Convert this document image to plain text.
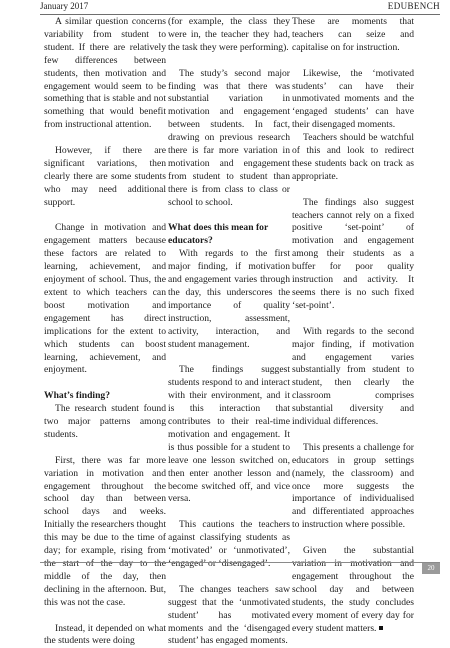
January 2017	EDUBENCH

A similar question concerns variability from student to student. If there are relatively few differences between students, then motivation and engagement would seem to be something that is stable and not something that would benefit from instructional attention.

However, if there are significant variations, then clearly there are some students who may need additional support.

Change in motivation and engagement matters because these factors are related to learning, achievement, and enjoyment of school. Thus, the extent to which teachers can boost motivation and engagement has direct implications for the extent to which students can boost learning, achievement, and enjoyment.

What’s finding?

The research student found two major patterns among students.

First, there was far more variation in motivation and engagement throughout the school day than between school days and weeks. Initially the researchers thought this may be due to the time of day; for example, rising from the start of the day to the middle of the day, then declining in the afternoon. But, this was not the case.

Instead, it depended on what the students were doing

(for example, the class they were in, the teacher they had, the task they were performing).

The study’s second major finding was that there was substantial variation in motivation and engagement between students. In fact, drawing on previous research there is far more variation in motivation and engagement from student to student than there is from class to class or school to school.

What does this mean for educators?

With regards to the first major finding, if motivation and engagement varies through the day, this underscores the importance of quality instruction, assessment, activity, interaction, and student management.

The findings suggest students respond to and interact with their environment, and it is this interaction that contributes to their real-time motivation and engagement. It is thus possible for a student to leave one lesson switched on, then enter another lesson and become switched off, and vice versa.

This cautions the teachers against classifying students as ‘motivated’ or ‘unmotivated’, ‘engaged’ or ‘disengaged’.

The changes teachers saw suggest that the ‘unmotivated student’ has motivated moments and the ‘disengaged student’ has engaged moments.

These are moments that teachers can seize and capitalise on for instruction.

Likewise, the ‘motivated students’ can have their unmotivated moments and the ‘engaged students’ can have their disengaged moments.

Teachers should be watchful of this and look to redirect these students back on track as appropriate.

The findings also suggest teachers cannot rely on a fixed positive ‘set-point’ of motivation and engagement among their students as a buffer for poor quality instruction and activity. It seems there is no such fixed ‘set-point’.

With regards to the second major finding, if motivation and engagement varies substantially from student to student, then clearly the classroom comprises substantial diversity and individual differences.

This presents a challenge for educators in group settings (namely, the classroom) and once more suggests the importance of individualised and differentiated approaches to instruction where possible.

Given the substantial variation in motivation and engagement throughout the school day and between students, the study concludes every moment of every day for every student matters.

20
